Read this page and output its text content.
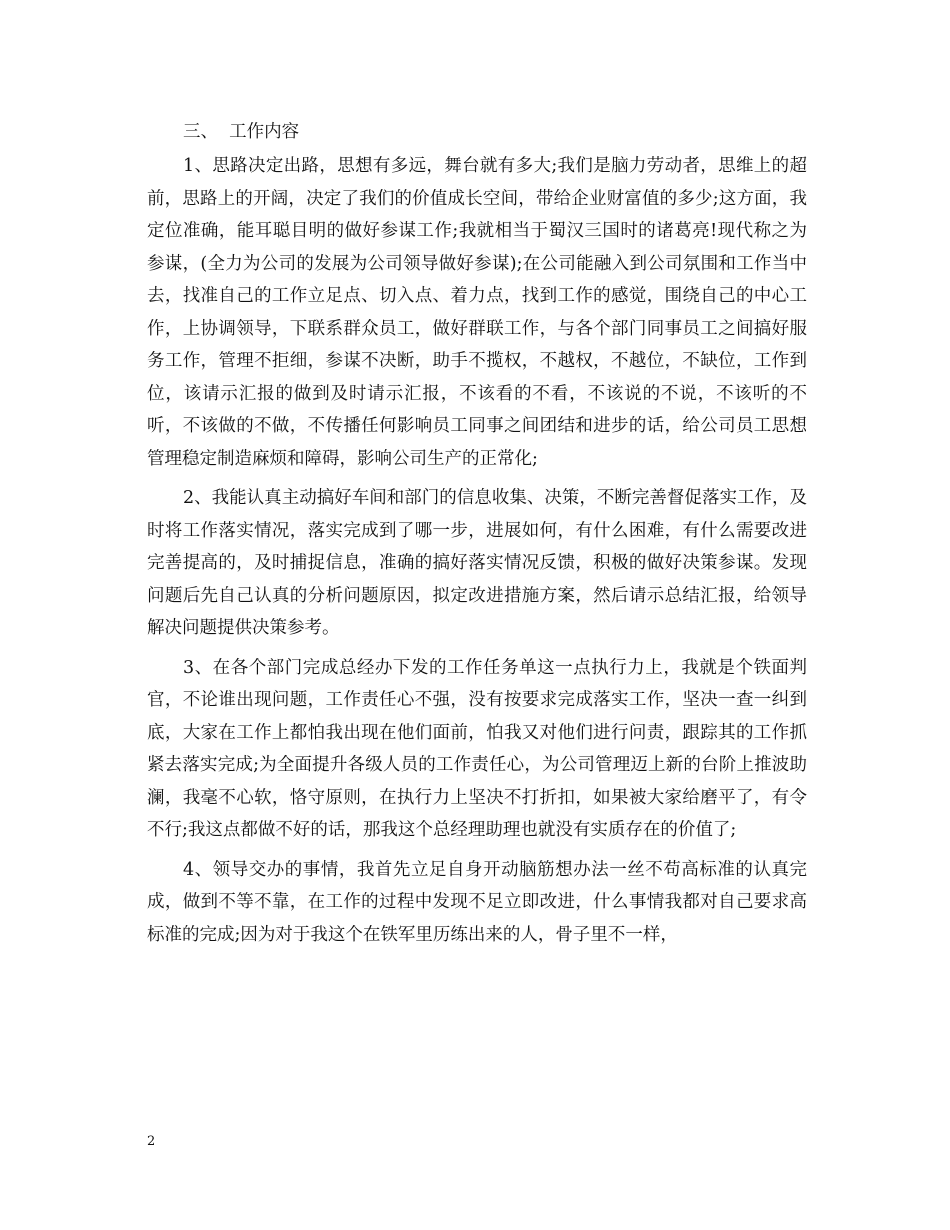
三、  工作内容

1、思路决定出路，思想有多远，舞台就有多大;我们是脑力劳动者，思维上的超前，思路上的开阔，决定了我们的价值成长空间，带给企业财富值的多少;这方面，我定位准确，能耳聪目明的做好参谋工作;我就相当于蜀汉三国时的诸葛亮!现代称之为参谋，(全力为公司的发展为公司领导做好参谋);在公司能融入到公司氛围和工作当中去，找准自己的工作立足点、切入点、着力点，找到工作的感觉，围绕自己的中心工作，上协调领导，下联系群众员工，做好群联工作，与各个部门同事员工之间搞好服务工作，管理不拒细，参谋不决断，助手不揽权，不越权，不越位，不缺位，工作到位，该请示汇报的做到及时请示汇报，不该看的不看，不该说的不说，不该听的不听，不该做的不做，不传播任何影响员工同事之间团结和进步的话，给公司员工思想管理稳定制造麻烦和障碍，影响公司生产的正常化;

2、我能认真主动搞好车间和部门的信息收集、决策，不断完善督促落实工作，及时将工作落实情况，落实完成到了哪一步，进展如何，有什么困难，有什么需要改进完善提高的，及时捕捉信息，准确的搞好落实情况反馈，积极的做好决策参谋。发现问题后先自己认真的分析问题原因，拟定改进措施方案，然后请示总结汇报，给领导解决问题提供决策参考。

3、在各个部门完成总经办下发的工作任务单这一点执行力上，我就是个铁面判官，不论谁出现问题，工作责任心不强，没有按要求完成落实工作，坚决一查一纠到底，大家在工作上都怕我出现在他们面前，怕我又对他们进行问责，跟踪其的工作抓紧去落实完成;为全面提升各级人员的工作责任心，为公司管理迈上新的台阶上推波助澜，我毫不心软，恪守原则，在执行力上坚决不打折扣，如果被大家给磨平了，有令不行;我这点都做不好的话，那我这个总经理助理也就没有实质存在的价值了;

4、领导交办的事情，我首先立足自身开动脑筋想办法一丝不苟高标准的认真完成，做到不等不靠，在工作的过程中发现不足立即改进，什么事情我都对自己要求高标准的完成;因为对于我这个在铁军里历练出来的人，骨子里不一样，

2
